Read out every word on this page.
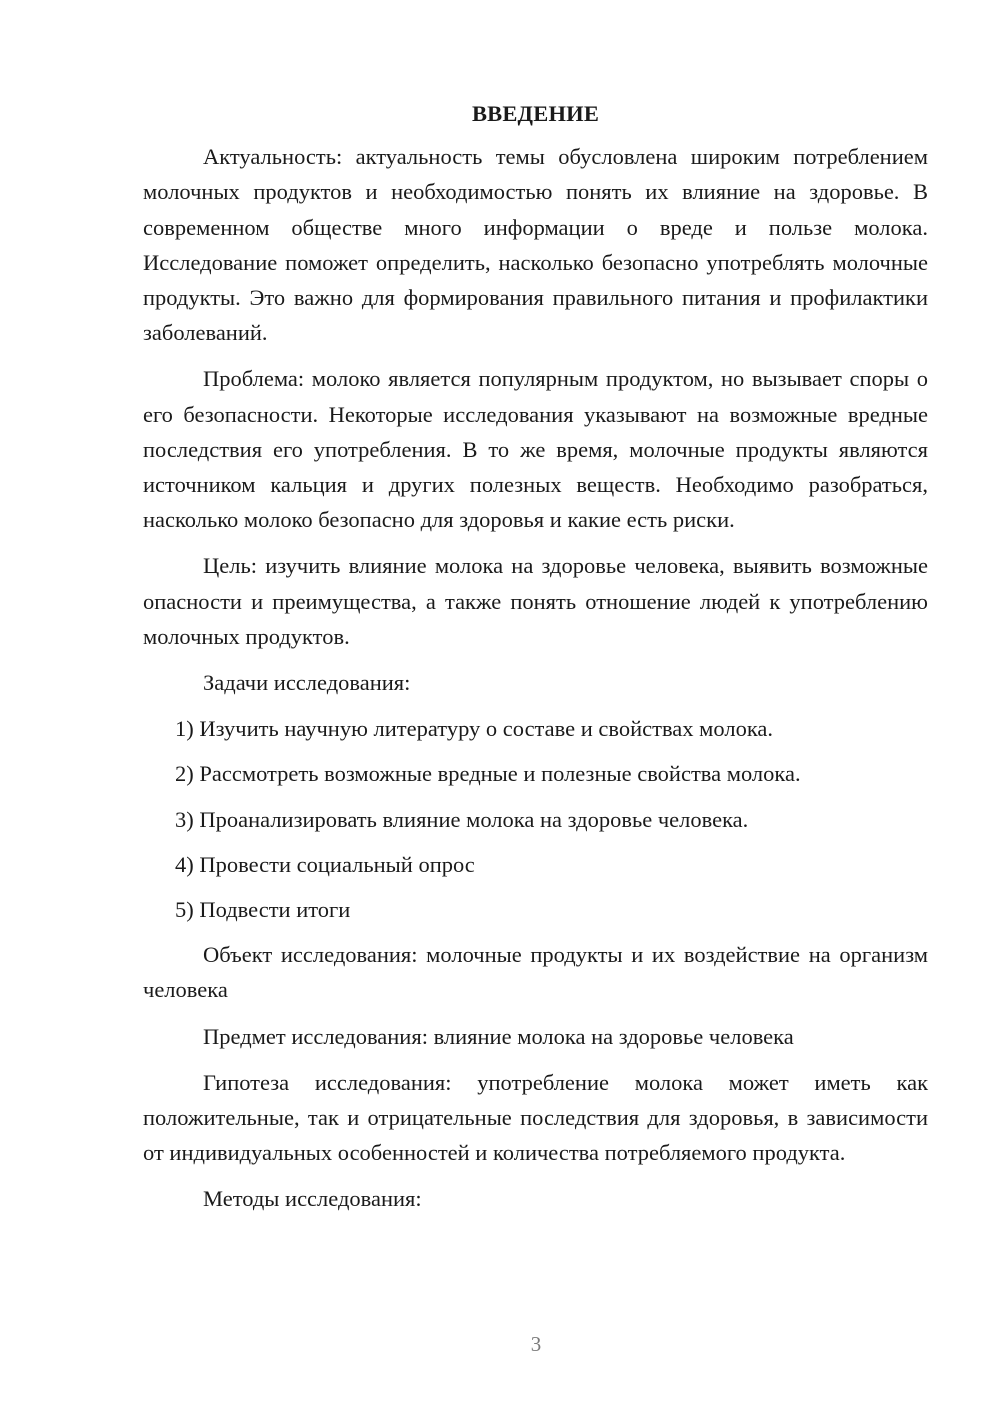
ВВЕДЕНИЕ

Актуальность: актуальность темы обусловлена широким потреблением молочных продуктов и необходимостью понять их влияние на здоровье. В современном обществе много информации о вреде и пользе молока. Исследование поможет определить, насколько безопасно употреблять молочные продукты. Это важно для формирования правильного питания и профилактики заболеваний.

Проблема: молоко является популярным продуктом, но вызывает споры о его безопасности. Некоторые исследования указывают на возможные вредные последствия его употребления. В то же время, молочные продукты являются источником кальция и других полезных веществ. Необходимо разобраться, насколько молоко безопасно для здоровья и какие есть риски.

Цель: изучить влияние молока на здоровье человека, выявить возможные опасности и преимущества, а также понять отношение людей к употреблению молочных продуктов.

Задачи исследования:

1) Изучить научную литературу о составе и свойствах молока.
2) Рассмотреть возможные вредные и полезные свойства молока.
3) Проанализировать влияние молока на здоровье человека.
4) Провести социальный опрос
5) Подвести итоги

Объект исследования: молочные продукты и их воздействие на организм человека

Предмет исследования: влияние молока на здоровье человека

Гипотеза исследования: употребление молока может иметь как положительные, так и отрицательные последствия для здоровья, в зависимости от индивидуальных особенностей и количества потребляемого продукта.

Методы исследования:

3
